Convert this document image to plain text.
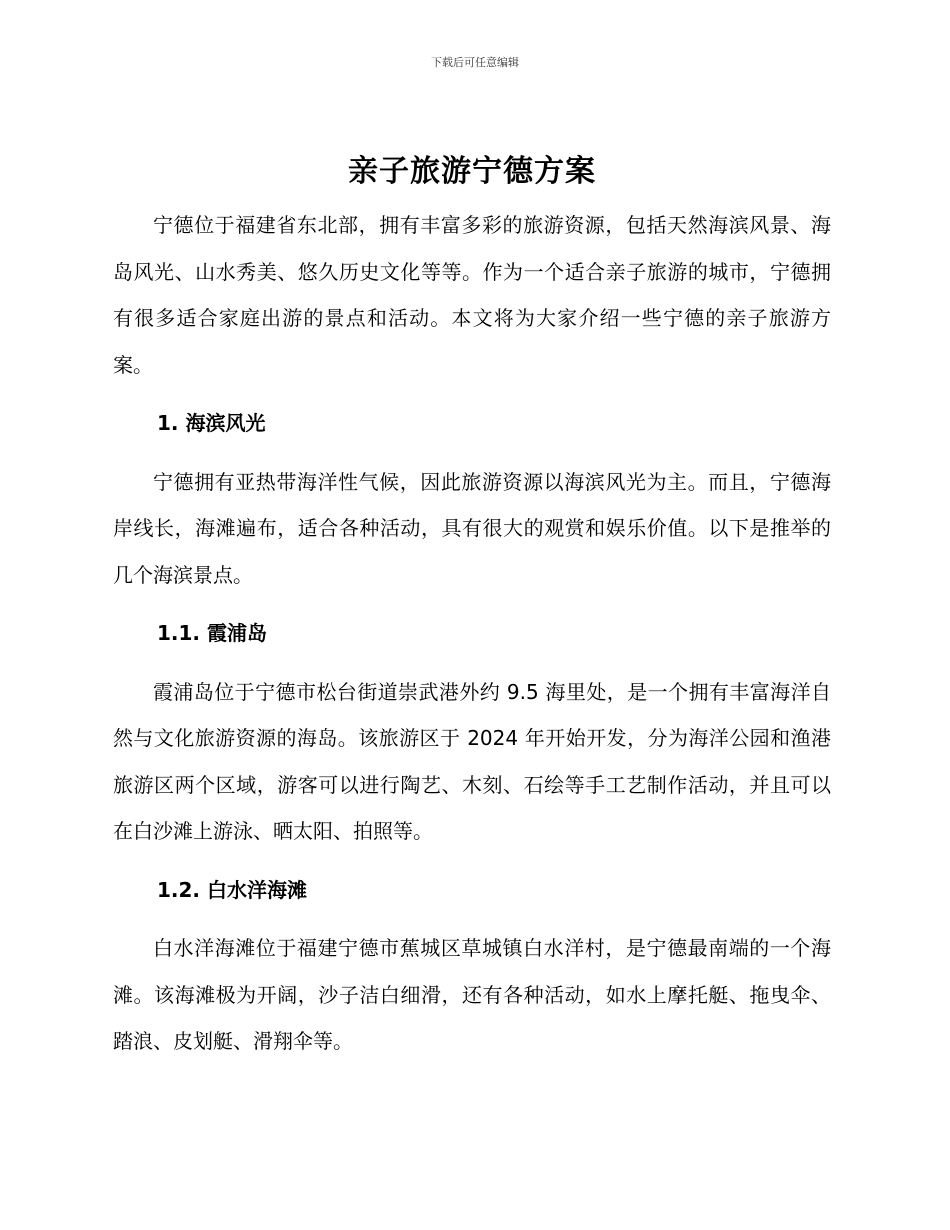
下载后可任意编辑
亲子旅游宁德方案

宁德位于福建省东北部，拥有丰富多彩的旅游资源，包括天然海滨风景、海岛风光、山水秀美、悠久历史文化等等。作为一个适合亲子旅游的城市，宁德拥有很多适合家庭出游的景点和活动。本文将为大家介绍一些宁德的亲子旅游方案。

1. 海滨风光

宁德拥有亚热带海洋性气候，因此旅游资源以海滨风光为主。而且，宁德海岸线长，海滩遍布，适合各种活动，具有很大的观赏和娱乐价值。以下是推举的几个海滨景点。

1.1. 霞浦岛

霞浦岛位于宁德市松台街道崇武港外约 9.5 海里处，是一个拥有丰富海洋自然与文化旅游资源的海岛。该旅游区于 2024 年开始开发，分为海洋公园和渔港旅游区两个区域，游客可以进行陶艺、木刻、石绘等手工艺制作活动，并且可以在白沙滩上游泳、晒太阳、拍照等。

1.2. 白水洋海滩

白水洋海滩位于福建宁德市蕉城区草城镇白水洋村，是宁德最南端的一个海滩。该海滩极为开阔，沙子洁白细滑，还有各种活动，如水上摩托艇、拖曳伞、踏浪、皮划艇、滑翔伞等。
